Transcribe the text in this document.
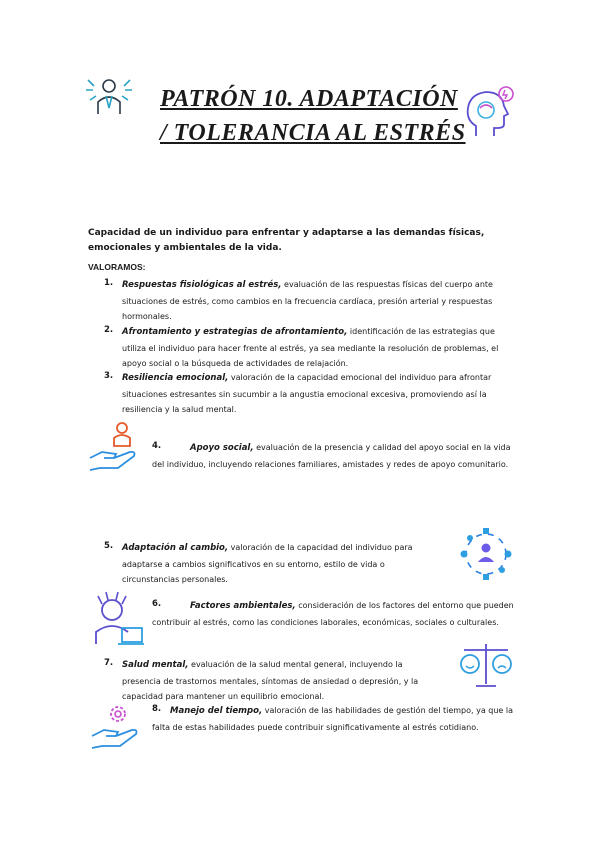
PATRÓN 10. ADAPTACIÓN
/ TOLERANCIA AL ESTRÉS
Capacidad de un individuo para enfrentar y adaptarse a las demandas físicas, emocionales y ambientales de la vida.
VALORAMOS:
1. Respuestas fisiológicas al estrés, evaluación de las respuestas físicas del cuerpo ante situaciones de estrés, como cambios en la frecuencia cardíaca, presión arterial y respuestas hormonales.
2. Afrontamiento y estrategias de afrontamiento, identificación de las estrategias que utiliza el individuo para hacer frente al estrés, ya sea mediante la resolución de problemas, el apoyo social o la búsqueda de actividades de relajación.
3. Resiliencia emocional, valoración de la capacidad emocional del individuo para afrontar situaciones estresantes sin sucumbir a la angustia emocional excesiva, promoviendo así la resiliencia y la salud mental.
4.	Apoyo social, evaluación de la presencia y calidad del apoyo social en la vida del individuo, incluyendo relaciones familiares, amistades y redes de apoyo comunitario.
5. Adaptación al cambio, valoración de la capacidad del individuo para adaptarse a cambios significativos en su entorno, estilo de vida o circunstancias personales.
6.	Factores ambientales, consideración de los factores del entorno que pueden contribuir al estrés, como las condiciones laborales, económicas, sociales o culturales.
7. Salud mental, evaluación de la salud mental general, incluyendo la presencia de trastornos mentales, síntomas de ansiedad o depresión, y la capacidad para mantener un equilibrio emocional.
8.	Manejo del tiempo, valoración de las habilidades de gestión del tiempo, ya que la falta de estas habilidades puede contribuir significativamente al estrés cotidiano.
